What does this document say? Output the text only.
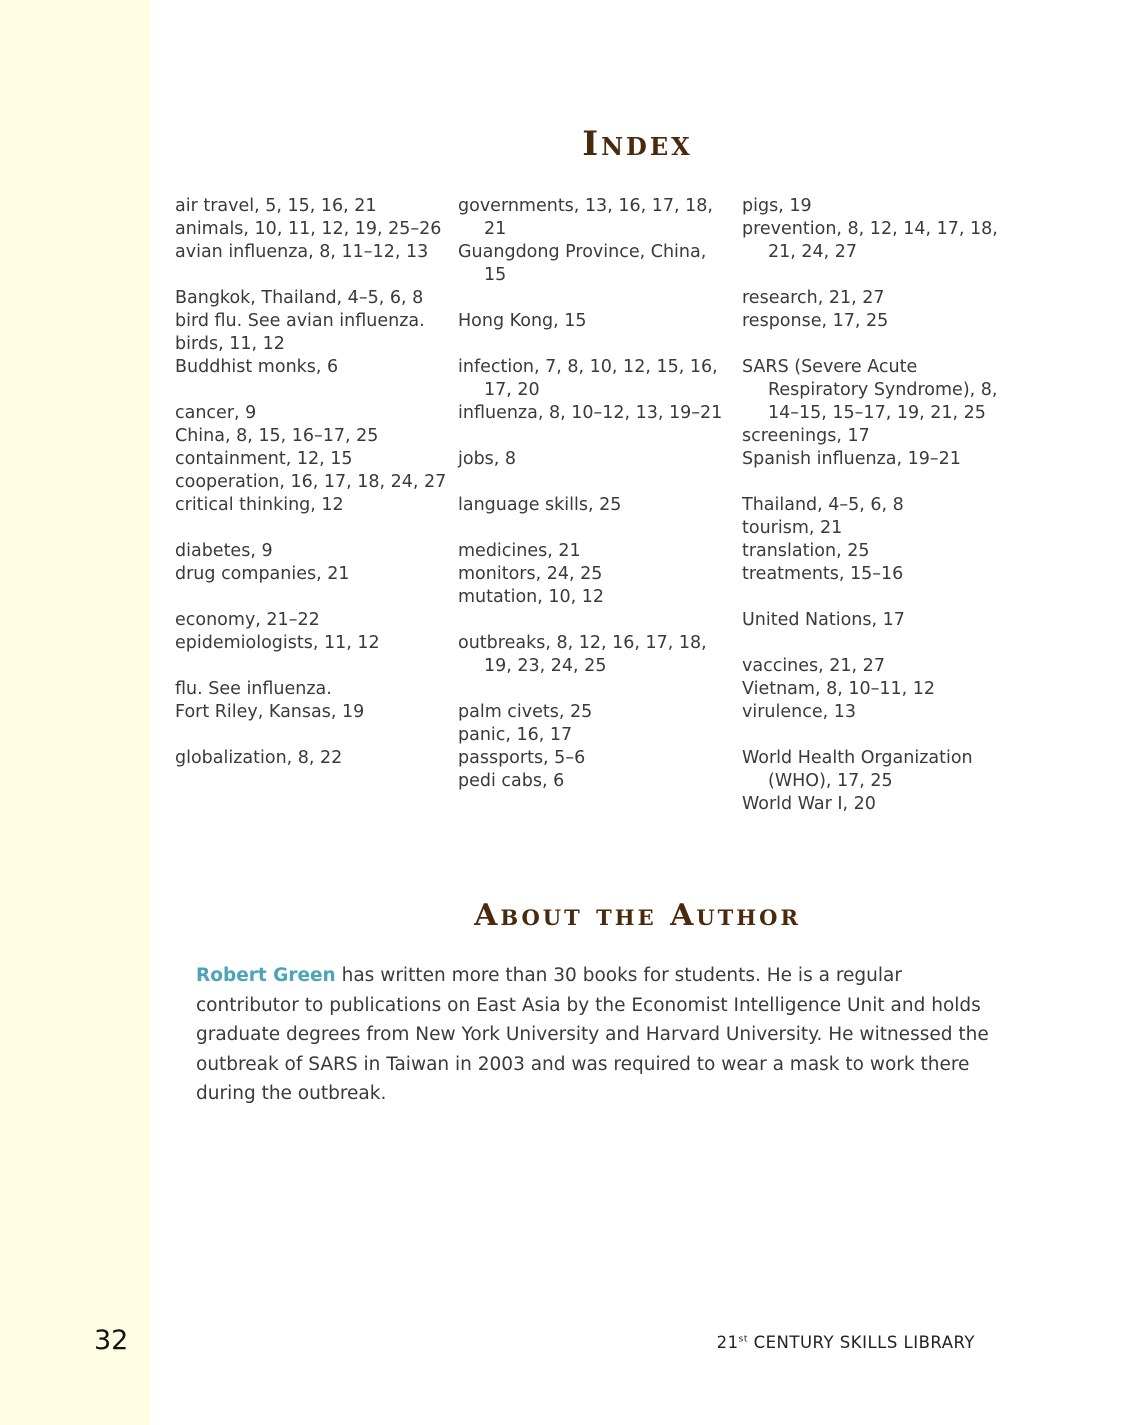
Index
air travel, 5, 15, 16, 21
animals, 10, 11, 12, 19, 25–26
avian influenza, 8, 11–12, 13
Bangkok, Thailand, 4–5, 6, 8
bird flu. See avian influenza.
birds, 11, 12
Buddhist monks, 6
cancer, 9
China, 8, 15, 16–17, 25
containment, 12, 15
cooperation, 16, 17, 18, 24, 27
critical thinking, 12
diabetes, 9
drug companies, 21
economy, 21–22
epidemiologists, 11, 12
flu. See influenza.
Fort Riley, Kansas, 19
globalization, 8, 22
governments, 13, 16, 17, 18, 21
Guangdong Province, China, 15
Hong Kong, 15
infection, 7, 8, 10, 12, 15, 16, 17, 20
influenza, 8, 10–12, 13, 19–21
jobs, 8
language skills, 25
medicines, 21
monitors, 24, 25
mutation, 10, 12
outbreaks, 8, 12, 16, 17, 18, 19, 23, 24, 25
palm civets, 25
panic, 16, 17
passports, 5–6
pedi cabs, 6
pigs, 19
prevention, 8, 12, 14, 17, 18, 21, 24, 27
research, 21, 27
response, 17, 25
SARS (Severe Acute Respiratory Syndrome), 8, 14–15, 15–17, 19, 21, 25
screenings, 17
Spanish influenza, 19–21
Thailand, 4–5, 6, 8
tourism, 21
translation, 25
treatments, 15–16
United Nations, 17
vaccines, 21, 27
Vietnam, 8, 10–11, 12
virulence, 13
World Health Organization (WHO), 17, 25
World War I, 20
About the Author

Robert Green has written more than 30 books for students. He is a regular contributor to publications on East Asia by the Economist Intelligence Unit and holds graduate degrees from New York University and Harvard University. He witnessed the outbreak of SARS in Taiwan in 2003 and was required to wear a mask to work there during the outbreak.

32	21st CENTURY SKILLS LIBRARY
